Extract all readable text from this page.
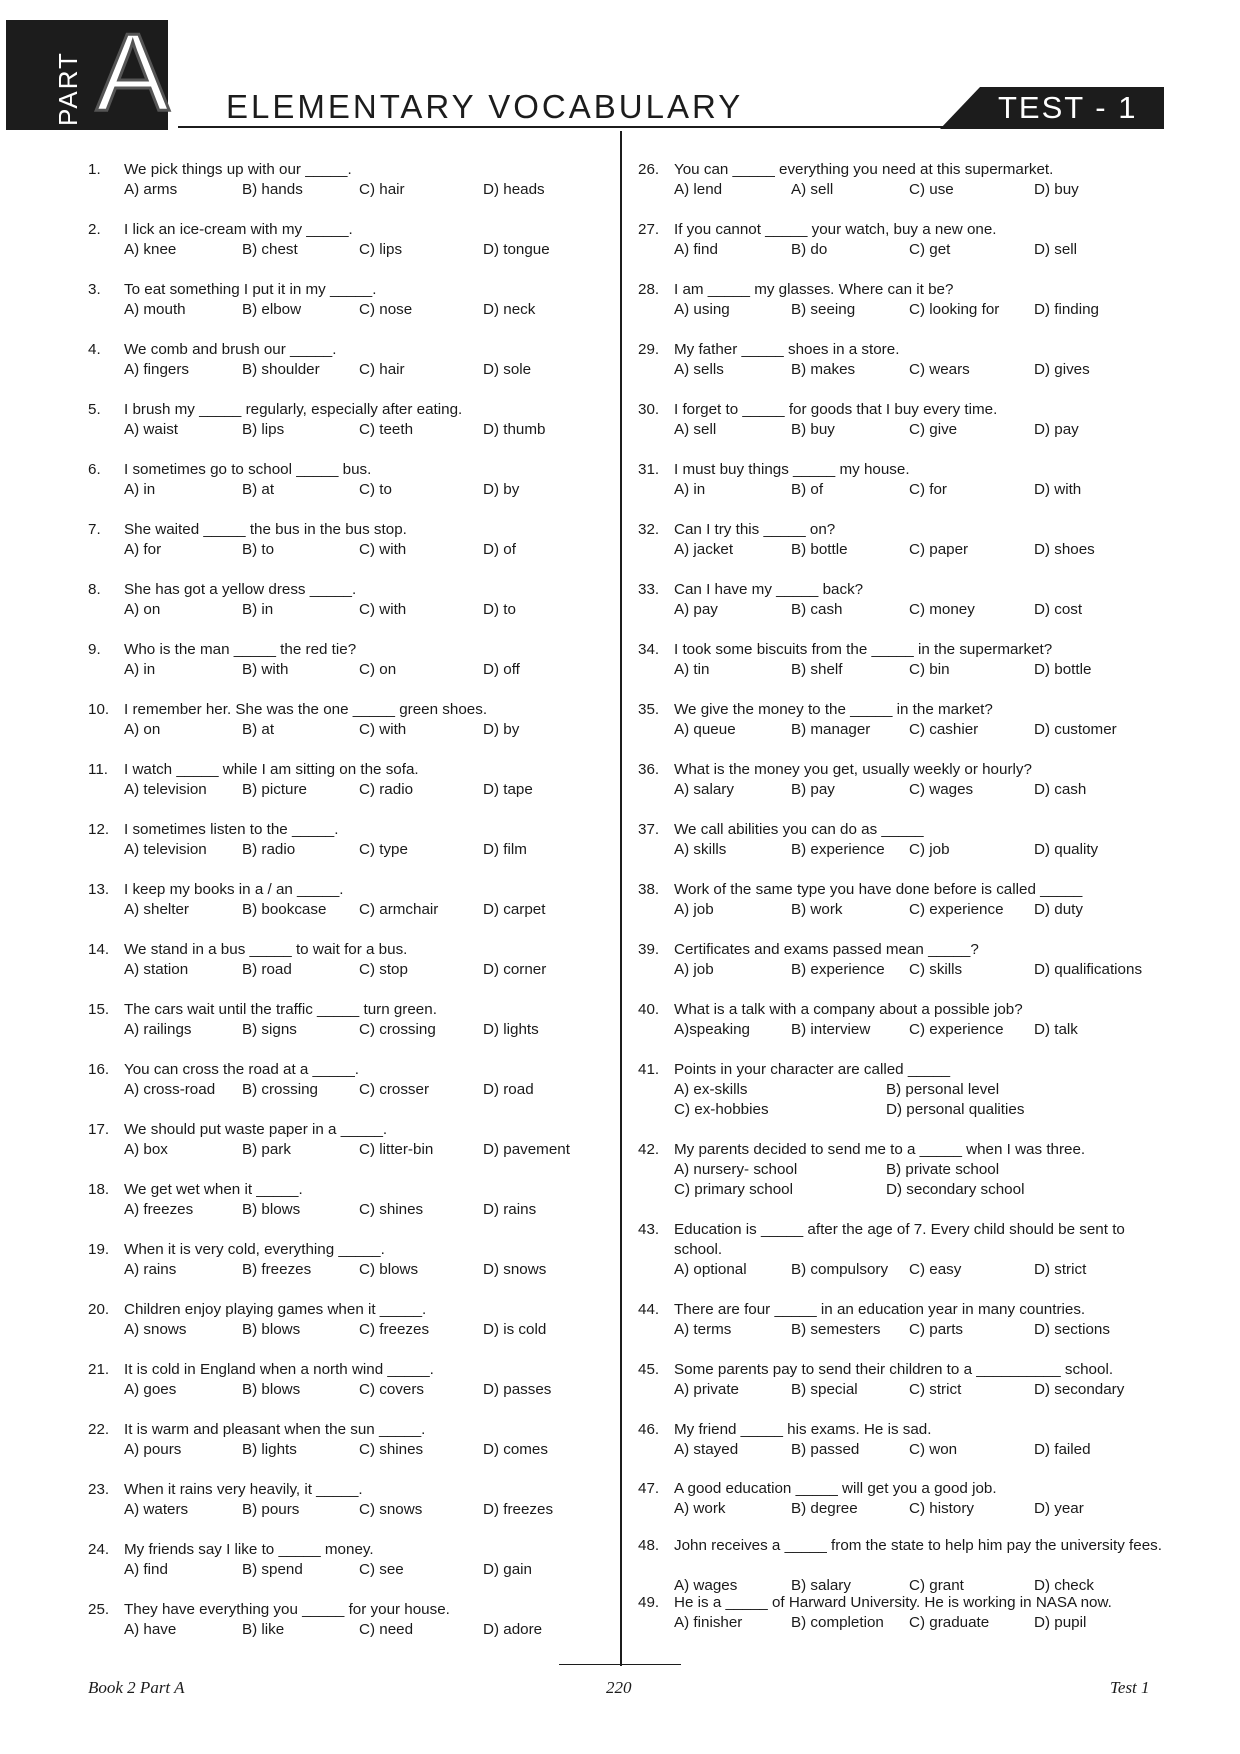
A ELEMENTARY VOCABULARY	TEST - 1
1. We pick things up with our _____.
A) arms	B) hands	C) hair	D) heads
2. I lick an ice-cream with my _____.
A) knee	B) chest	C) lips	D) tongue
3. To eat something I put it in my _____.
A) mouth	B) elbow	C) nose	D) neck
4. We comb and brush our _____.
A) fingers	B) shoulder	C) hair	D) sole
5. I brush my _____ regularly, especially after eating.
A) waist	B) lips	C) teeth	D) thumb
6. I sometimes go to school _____ bus.
A) in	B) at	C) to	D) by
7. She waited _____ the bus in the bus stop.
A) for	B) to	C) with	D) of
8. She has got a yellow dress _____.
A) on	B) in	C) with	D) to
9. Who is the man _____ the red tie?
A) in	B) with	C) on	D) off
10. I remember her. She was the one _____ green shoes.
A) on	B) at	C) with	D) by
11. I watch _____ while I am sitting on the sofa.
A) television B) picture	C) radio	D) tape
12. I sometimes listen to the _____.
A) television B) radio	C) type	D) film
13. I keep my books in a / an _____.
A) shelter	B) bookcase C) armchair	D) carpet
14. We stand in a bus _____ to wait for a bus.
A) station	B) road	C) stop	D) corner
15. The cars wait until the traffic _____ turn green.
A) railings	B) signs	C) crossing	D) lights
16. You can cross the road at a _____.
A) cross-road B) crossing	C) crosser	D) road
17. We should put waste paper in a _____.
A) box	B) park	C) litter-bin	D) pavement
18. We get wet when it _____.
A) freezes	B) blows	C) shines	D) rains
19. When it is very cold, everything _____.
A) rains	B) freezes	C) blows	D) snows
20. Children enjoy playing games when it _____.
A) snows	B) blows	C) freezes	D) is cold
21. It is cold in England when a north wind _____.
A) goes	B) blows	C) covers	D) passes
22. It is warm and pleasant when the sun _____.
A) pours	B) lights	C) shines	D) comes
23. When it rains very heavily, it _____.
A) waters	B) pours	C) snows	D) freezes
24. My friends say I like to _____ money.
A) find	B) spend	C) see	D) gain
25. They have everything you _____ for your house.
A) have	B) like	C) need	D) adore
26. You can _____ everything you need at this supermarket.
A) lend	A) sell	C) use	D) buy
27. If you cannot _____ your watch, buy a new one.
A) find	B) do	C) get	D) sell
28. I am _____ my glasses. Where can it be?
A) using	B) seeing	C) looking for D) finding
29. My father _____ shoes in a store.
A) sells	B) makes	C) wears	D) gives
30. I forget to _____ for goods that I buy every time.
A) sell	B) buy	C) give	D) pay
31. I must buy things _____ my house.
A) in	B) of	C) for	D) with
32. Can I try this _____ on?
A) jacket	B) bottle	C) paper	D) shoes
33. Can I have my _____ back?
A) pay	B) cash	C) money	D) cost
34. I took some biscuits from the _____ in the supermarket?
A) tin	B) shelf	C) bin	D) bottle
35. We give the money to the _____ in the market?
A) queue	B) manager	C) cashier	D) customer
36. What is the money you get, usually weekly or hourly?
A) salary	B) pay	C) wages	D) cash
37. We call abilities you can do as _____
A) skills	B) experience C) job	D) quality
38. Work of the same type you have done before is called _____
A) job	B) work	C) experience D) duty
39. Certificates and exams passed mean _____?
A) job	B) experience C) skills	D) qualifications
40. What is a talk with a company about a possible job?
A)speaking	B) interview	C) experience D) talk
41. Points in your character are called _____
A) ex-skills	B) personal level
C) ex-hobbies	D) personal qualities
42. My parents decided to send me to a _____ when I was three.
A) nursery- school	B) private school
C) primary school	D) secondary school
43. Education is _____ after the age of 7. Every child should be sent to school.
A) optional	B) compulsory C) easy	D) strict
44. There are four _____ in an education year in many countries.
A) terms	B) semesters C) parts	D) sections
45. Some parents pay to send their children to a __________ school.
A) private	B) special	C) strict	D) secondary
46. My friend _____ his exams. He is sad.
A) stayed	B) passed	C) won	D) failed
47. A good education _____ will get you a good job.
A) work	B) degree	C) history	D) year
48. John receives a _____ from the state to help him pay the university fees.
A) wages	B) salary	C) grant	D) check
49. He is a _____ of Harward University. He is working in NASA now.
A) finisher	B) completion C) graduate	D) pupil
Book 2 Part A	220	Test 1
